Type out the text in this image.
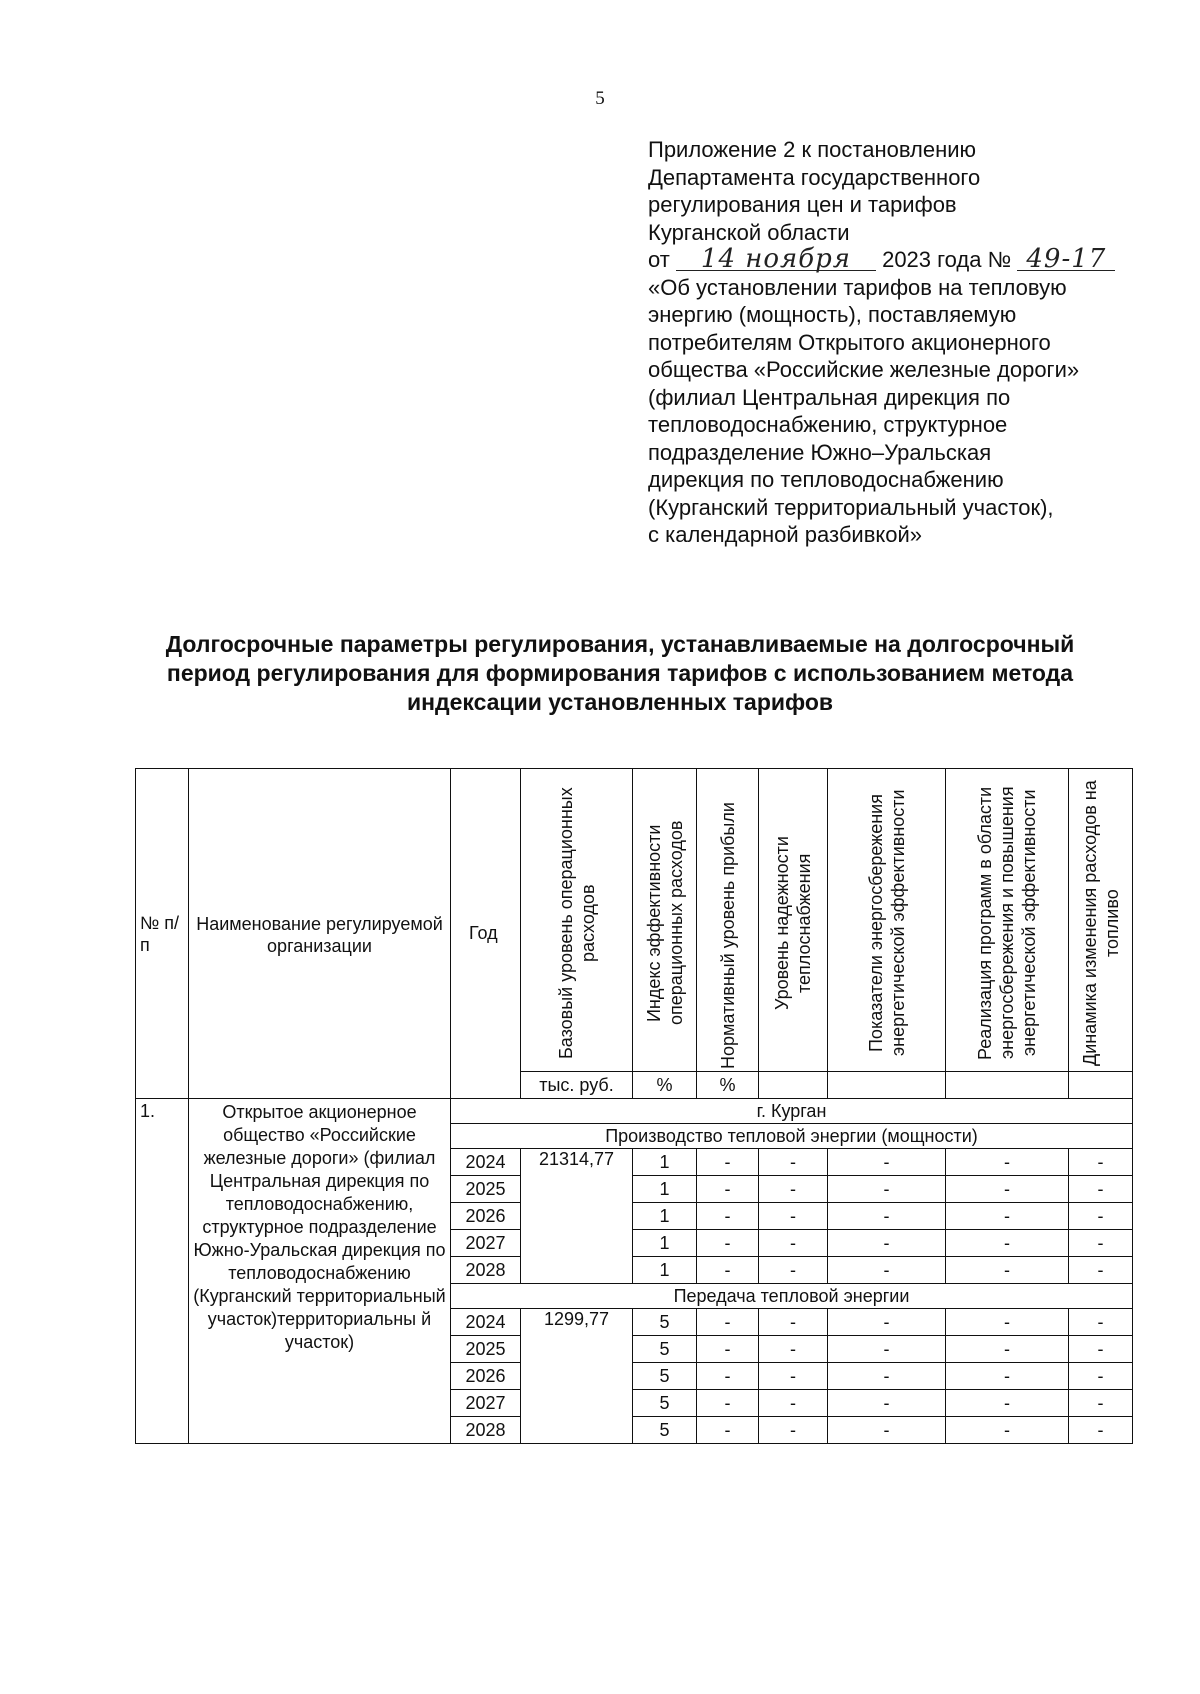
5
Приложение 2 к постановлению
Департамента государственного
регулирования цен и тарифов
Курганской области
от 14 ноября 2023 года № 49-17
«Об установлении тарифов на тепловую
энергию (мощность), поставляемую
потребителям Открытого акционерного
общества «Российские железные дороги»
(филиал Центральная дирекция по
тепловодоснабжению, структурное
подразделение Южно–Уральская
дирекция по тепловодоснабжению
(Курганский территориальный участок),
с календарной разбивкой»
Долгосрочные параметры регулирования, устанавливаемые на долгосрочный
период регулирования для формирования тарифов с использованием метода
индексации установленных тарифов
№ п/п	Наименование регулируемой организации	Год	Базовый уровень операционных расходов	Индекс эффективности операционных расходов	Нормативный уровень прибыли	Уровень надежности теплоснабжения	Показатели энергосбережения энергетической эффективности	Реализация программ в области энергосбережения и повышения энергетической эффективности	Динамика изменения расходов на топливо

			тыс. руб.	%	%				
1.	Открытое акционерное общество «Российские железные дороги» (филиал Центральная дирекция по тепловодоснабжению, структурное подразделение Южно-Уральская дирекция по тепловодоснабжению (Курганский территориальный участок)территориальны й участок)	г. Курган							
		Производство тепловой энергии (мощности)							
		2024	21314,77	1	-	-	-	-	-
		2025		1	-	-	-	-	-
		2026		1	-	-	-	-	-
		2027		1	-	-	-	-	-
		2028		1	-	-	-	-	-
		Передача тепловой энергии							
		2024	1299,77	5	-	-	-	-	-
		2025		5	-	-	-	-	-
		2026		5	-	-	-	-	-
		2027		5	-	-	-	-	-
		2028		5	-	-	-	-	-
